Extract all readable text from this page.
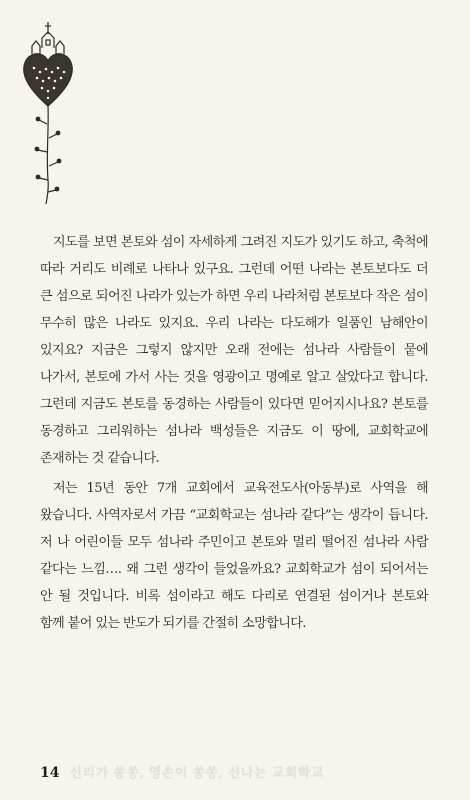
지도를 보면 본토와 섬이 자세하게 그려진 지도가 있기도 하고, 축척에 따라 거리도 비례로 나타나 있구요. 그런데 어떤 나라는 본토보다도 더 큰 섬으로 되어진 나라가 있는가 하면 우리 나라처럼 본토보다 작은 섬이 무수히 많은 나라도 있지요. 우리 나라는 다도해가 일품인 남해안이 있지요? 지금은 그렇지 않지만 오래 전에는 섬나라 사람들이 뭍에 나가서, 본토에 가서 사는 것을 영광이고 명예로 알고 살았다고 합니다. 그런데 지금도 본토를 동경하는 사람들이 있다면 믿어지시나요? 본토를 동경하고 그리워하는 섬나라 백성들은 지금도 이 땅에, 교회학교에 존재하는 것 같습니다.

저는 15년 동안 7개 교회에서 교육전도사(아동부)로 사역을 해 왔습니다. 사역자로서 가끔 “교회학교는 섬나라 같다”는 생각이 듭니다. 저 나 어린이들 모두 섬나라 주민이고 본토와 멀리 떨어진 섬나라 사람 같다는 느낌…. 왜 그런 생각이 들었을까요? 교회학교가 섬이 되어서는 안 될 것입니다. 비록 섬이라고 해도 다리로 연결된 섬이거나 본토와 함께 붙어 있는 반도가 되기를 간절히 소망합니다.

14 신리가 쏭쏭, 영손이 쏭쏭, 신나는 교회학교
